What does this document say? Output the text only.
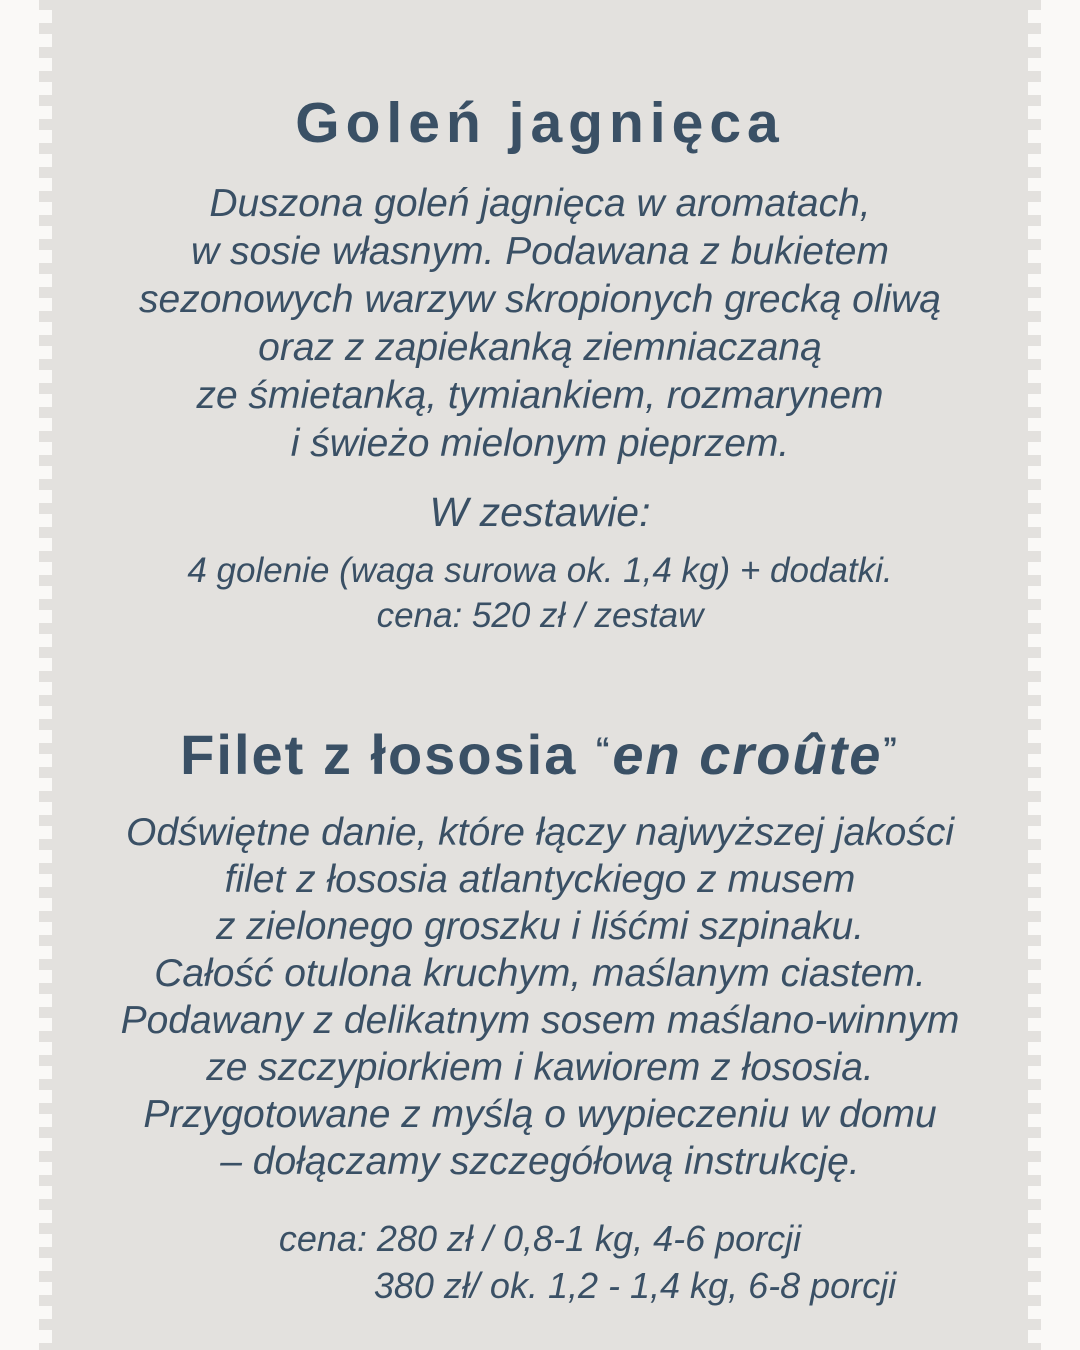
Goleń jagnięca
Duszona goleń jagnięca w aromatach,
w sosie własnym. Podawana z bukietem
sezonowych warzyw skropionych grecką oliwą
oraz z zapiekanką ziemniaczaną
ze śmietanką, tymiankiem, rozmarynem
i świeżo mielonym pieprzem.
W zestawie:
4 golenie (waga surowa ok. 1,4 kg) + dodatki.
cena: 520 zł / zestaw
Filet z łososia “en croûte”
Odświętne danie, które łączy najwyższej jakości
filet z łososia atlantyckiego z musem
z zielonego groszku i liśćmi szpinaku.
Całość otulona kruchym, maślanym ciastem.
Podawany z delikatnym sosem maślano-winnym
ze szczypiorkiem i kawiorem z łososia.
Przygotowane z myślą o wypieczeniu w domu
– dołączamy szczegółową instrukcję.
cena: 280 zł / 0,8-1 kg, 4-6 porcji
380 zł/ ok. 1,2 - 1,4 kg, 6-8 porcji
